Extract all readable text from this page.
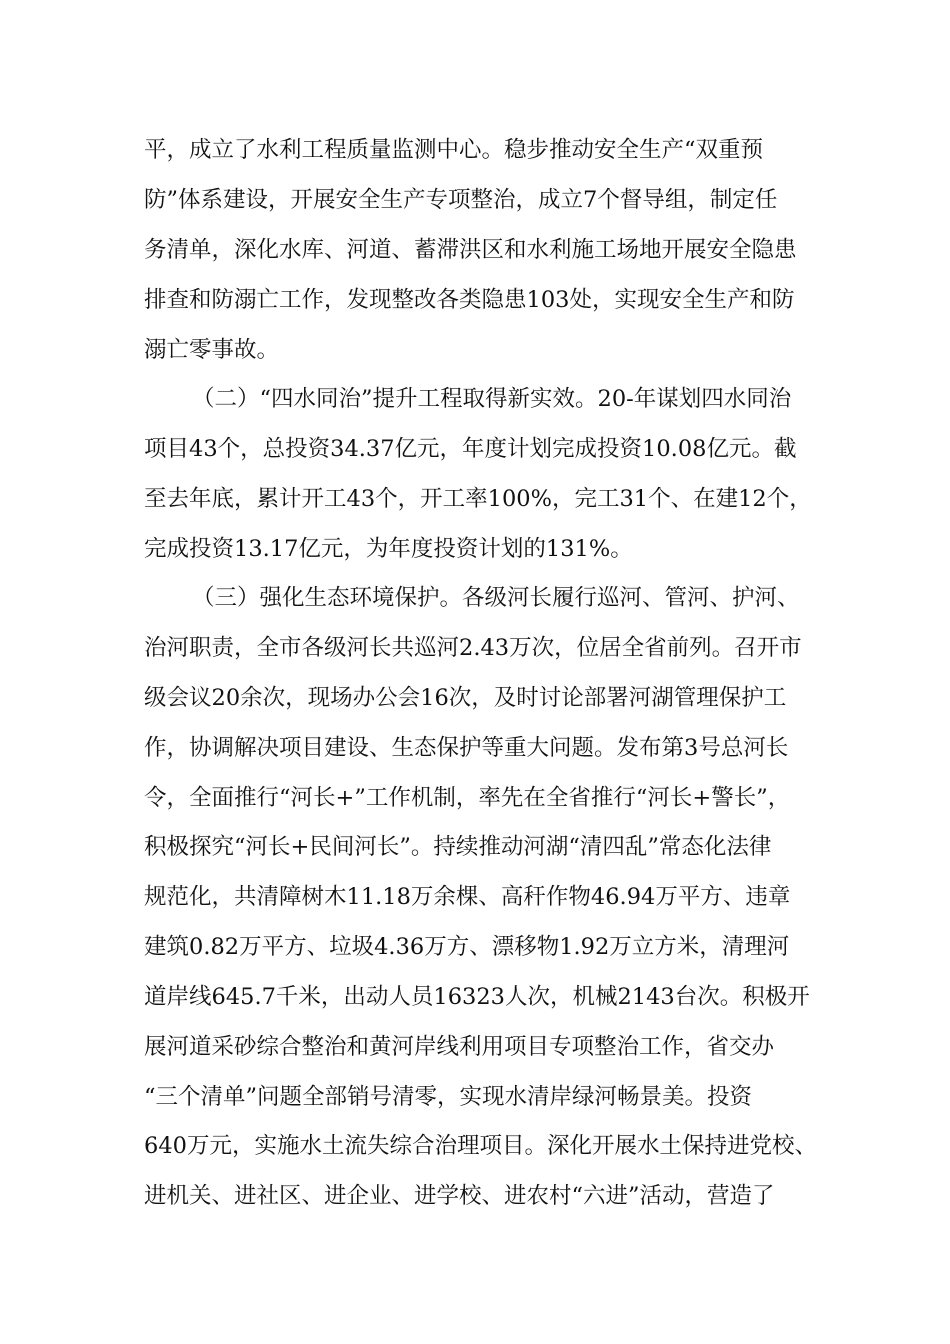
平，成立了水利工程质量监测中心。稳步推动安全生产“双重预
防”体系建设，开展安全生产专项整治，成立7个督导组，制定任
务清单，深化水库、河道、蓄滞洪区和水利施工场地开展安全隐患
排查和防溺亡工作，发现整改各类隐患103处，实现安全生产和防
溺亡零事故。
（二）“四水同治”提升工程取得新实效。20-年谋划四水同治
项目43个，总投资34.37亿元，年度计划完成投资10.08亿元。截
至去年底，累计开工43个，开工率100%，完工31个、在建12个，
完成投资13.17亿元，为年度投资计划的131%。
（三）强化生态环境保护。各级河长履行巡河、管河、护河、
治河职责，全市各级河长共巡河2.43万次，位居全省前列。召开市
级会议20余次，现场办公会16次，及时讨论部署河湖管理保护工
作，协调解决项目建设、生态保护等重大问题。发布第3号总河长
令，全面推行“河长+”工作机制，率先在全省推行“河长+警长”，
积极探究“河长+民间河长”。持续推动河湖“清四乱”常态化法律
规范化，共清障树木11.18万余棵、高秆作物46.94万平方、违章
建筑0.82万平方、垃圾4.36万方、漂移物1.92万立方米，清理河
道岸线645.7千米，出动人员16323人次，机械2143台次。积极开
展河道采砂综合整治和黄河岸线利用项目专项整治工作，省交办
“三个清单”问题全部销号清零，实现水清岸绿河畅景美。投资
640万元，实施水土流失综合治理项目。深化开展水土保持进党校、
进机关、进社区、进企业、进学校、进农村“六进”活动，营造了
